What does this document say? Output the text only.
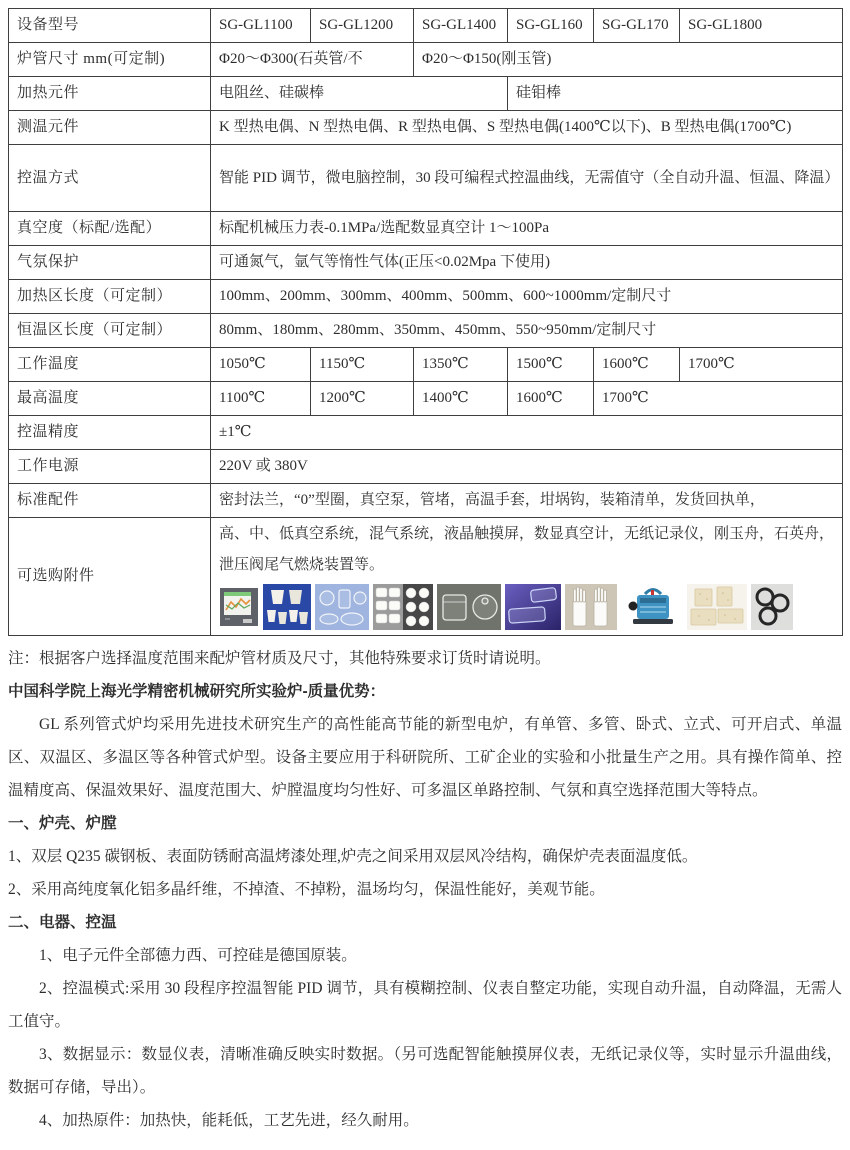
设备型号	SG-GL1100	SG-GL1200	SG-GL1400	SG-GL160	SG-GL170	SG-GL1800
炉管尺寸 mm(可定制)	Φ20～Φ300(石英管/不		Φ20～Φ150(刚玉管)			
加热元件	电阻丝、硅碳棒			硅钼棒		
测温元件	K 型热电偶、N 型热电偶、R 型热电偶、S 型热电偶(1400℃以下)、B 型热电偶(1700℃)					
控温方式	智能 PID 调节，微电脑控制，30 段可编程式控温曲线，无需值守（全自动升温、恒温、降温）					
真空度（标配/选配）	标配机械压力表-0.1MPa/选配数显真空计 1～100Pa					
气氛保护	可通氮气，氩气等惰性气体(正压<0.02Mpa 下使用)					
加热区长度（可定制）	100mm、200mm、300mm、400mm、500mm、600~1000mm/定制尺寸					
恒温区长度（可定制）	80mm、180mm、280mm、350mm、450mm、550~950mm/定制尺寸					
工作温度	1050℃	1150℃	1350℃	1500℃	1600℃	1700℃
最高温度	1100℃	1200℃	1400℃	1600℃	1700℃	
控温精度	±1℃					
工作电源	220V 或 380V					
标准配件	密封法兰，“0”型圈，真空泵，管堵，高温手套，坩埚钩，装箱清单，发货回执单，					
可选购附件	高、中、低真空系统，混气系统，液晶触摸屏，数显真空计，无纸记录仪，刚玉舟，石英舟，泄压阀尾气燃烧装置等。					

注：根据客户选择温度范围来配炉管材质及尺寸，其他特殊要求订货时请说明。

中国科学院上海光学精密机械研究所实验炉-质量优势：

GL 系列管式炉均采用先进技术研究生产的高性能高节能的新型电炉，有单管、多管、卧式、立式、可开启式、单温区、双温区、多温区等各种管式炉型。设备主要应用于科研院所、工矿企业的实验和小批量生产之用。具有操作简单、控温精度高、保温效果好、温度范围大、炉膛温度均匀性好、可多温区单路控制、气氛和真空选择范围大等特点。

一、炉壳、炉膛

1、双层 Q235 碳钢板、表面防锈耐高温烤漆处理,炉壳之间采用双层风冷结构，确保炉壳表面温度低。

2、采用高纯度氧化铝多晶纤维，不掉渣、不掉粉，温场均匀，保温性能好，美观节能。

二、电器、控温

1、电子元件全部德力西、可控硅是德国原装。

2、控温模式:采用 30 段程序控温智能 PID 调节，具有模糊控制、仪表自整定功能，实现自动升温，自动降温，无需人工值守。

3、数据显示：数显仪表，清晰准确反映实时数据。（另可选配智能触摸屏仪表，无纸记录仪等，实时显示升温曲线，数据可存储，导出）。

4、加热原件：加热快，能耗低，工艺先进，经久耐用。
